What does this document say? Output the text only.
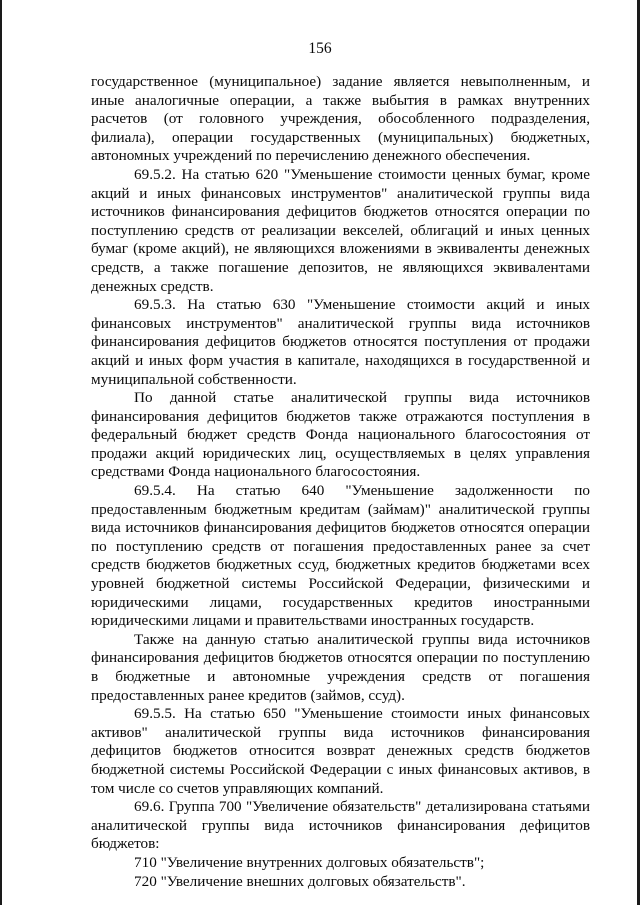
156

государственное (муниципальное) задание является невыполненным, и иные аналогичные операции, а также выбытия в рамках внутренних расчетов (от головного учреждения, обособленного подразделения, филиала), операции государственных (муниципальных) бюджетных, автономных учреждений по перечислению денежного обеспечения.

69.5.2. На статью 620 "Уменьшение стоимости ценных бумаг, кроме акций и иных финансовых инструментов" аналитической группы вида источников финансирования дефицитов бюджетов относятся операции по поступлению средств от реализации векселей, облигаций и иных ценных бумаг (кроме акций), не являющихся вложениями в эквиваленты денежных средств, а также погашение депозитов, не являющихся эквивалентами денежных средств.

69.5.3. На статью 630 "Уменьшение стоимости акций и иных финансовых инструментов" аналитической группы вида источников финансирования дефицитов бюджетов относятся поступления от продажи акций и иных форм участия в капитале, находящихся в государственной и муниципальной собственности.

По данной статье аналитической группы вида источников финансирования дефицитов бюджетов также отражаются поступления в федеральный бюджет средств Фонда национального благосостояния от продажи акций юридических лиц, осуществляемых в целях управления средствами Фонда национального благосостояния.

69.5.4. На статью 640 "Уменьшение задолженности по предоставленным бюджетным кредитам (займам)" аналитической группы вида источников финансирования дефицитов бюджетов относятся операции по поступлению средств от погашения предоставленных ранее за счет средств бюджетов бюджетных ссуд, бюджетных кредитов бюджетами всех уровней бюджетной системы Российской Федерации, физическими и юридическими лицами, государственных кредитов иностранными юридическими лицами и правительствами иностранных государств.

Также на данную статью аналитической группы вида источников финансирования дефицитов бюджетов относятся операции по поступлению в бюджетные и автономные учреждения средств от погашения предоставленных ранее кредитов (займов, ссуд).

69.5.5. На статью 650 "Уменьшение стоимости иных финансовых активов" аналитической группы вида источников финансирования дефицитов бюджетов относится возврат денежных средств бюджетов бюджетной системы Российской Федерации с иных финансовых активов, в том числе со счетов управляющих компаний.

69.6. Группа 700 "Увеличение обязательств" детализирована статьями аналитической группы вида источников финансирования дефицитов бюджетов:

710 "Увеличение внутренних долговых обязательств";

720 "Увеличение внешних долговых обязательств".
